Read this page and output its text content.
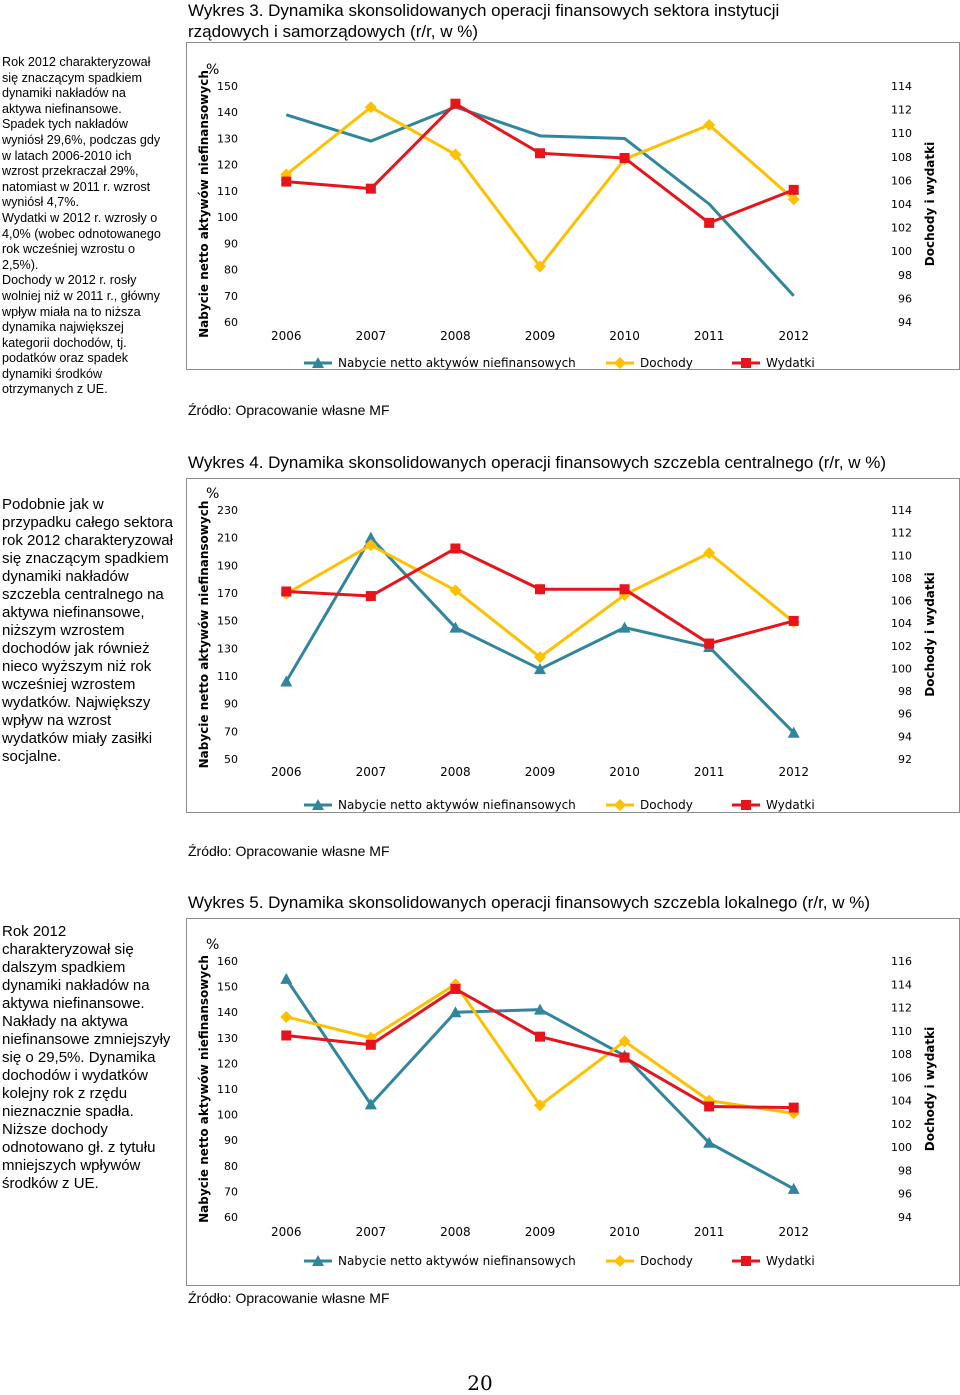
Rok 2012 charakteryzował
się znaczącym spadkiem
dynamiki nakładów na
aktywa niefinansowe.
Spadek tych nakładów
wyniósł 29,6%, podczas gdy
w latach 2006-2010 ich
wzrost przekraczał 29%,
natomiast w 2011 r. wzrost
wyniósł 4,7%.
Wydatki w 2012 r. wzrosły o
4,0% (wobec odnotowanego
rok wcześniej wzrostu o
2,5%).
Dochody w 2012 r. rosły
wolniej niż w 2011 r., główny
wpływ miała na to niższa
dynamika największej
kategorii dochodów, tj.
podatków oraz spadek
dynamiki środków
otrzymanych z UE.
Podobnie jak w
przypadku całego sektora
rok 2012 charakteryzował
się znaczącym spadkiem
dynamiki nakładów
szczebla centralnego na
aktywa niefinansowe,
niższym wzrostem
dochodów jak również
nieco wyższym niż rok
wcześniej wzrostem
wydatków. Największy
wpływ na wzrost
wydatków miały zasiłki
socjalne.
Rok 2012
charakteryzował się
dalszym spadkiem
dynamiki nakładów na
aktywa niefinansowe.
Nakłady na aktywa
niefinansowe zmniejszyły
się o 29,5%. Dynamika
dochodów i wydatków
kolejny rok z rzędu
nieznacznie spadła.
Niższe dochody
odnotowano gł. z tytułu
mniejszych wpływów
środków z UE.
Wykres 3. Dynamika skonsolidowanych operacji finansowych sektora instytucji
rządowych i samorządowych (r/r, w %)
%
Nabycie netto aktywów niefinansowych 60
70
80
90
100
110
120
130
140
150
94
96
98
100
102
104
106
108
110
112
114
Dochody i wydatki
2006	2007	2008	2009	2010	2011	2012
Nabycie netto aktywów niefinansowych	Dochody	Wydatki
Źródło: Opracowanie własne MF
Wykres 4. Dynamika skonsolidowanych operacji finansowych szczebla centralnego (r/r, w %)
%
Nabycie netto aktywów niefinansowych 50
70
90
110
130
150
170
190
210
230
92
94
96
98
100
102
104
106
108
110
112
114
Dochody i wydatki
2006	2007	2008	2009	2010	2011	2012
Nabycie netto aktywów niefinansowych	Dochody	Wydatki
Źródło: Opracowanie własne MF
Wykres 5. Dynamika skonsolidowanych operacji finansowych szczebla lokalnego (r/r, w %)
%
Nabycie netto aktywów niefinansowych 60
70
80
90
100
110
120
130
140
150
160
94
96
98
100
102
104
106
108
110
112
114
116
Dochody i wydatki
2006	2007	2008	2009	2010	2011	2012
Nabycie netto aktywów niefinansowych	Dochody	Wydatki
Źródło: Opracowanie własne MF
20
